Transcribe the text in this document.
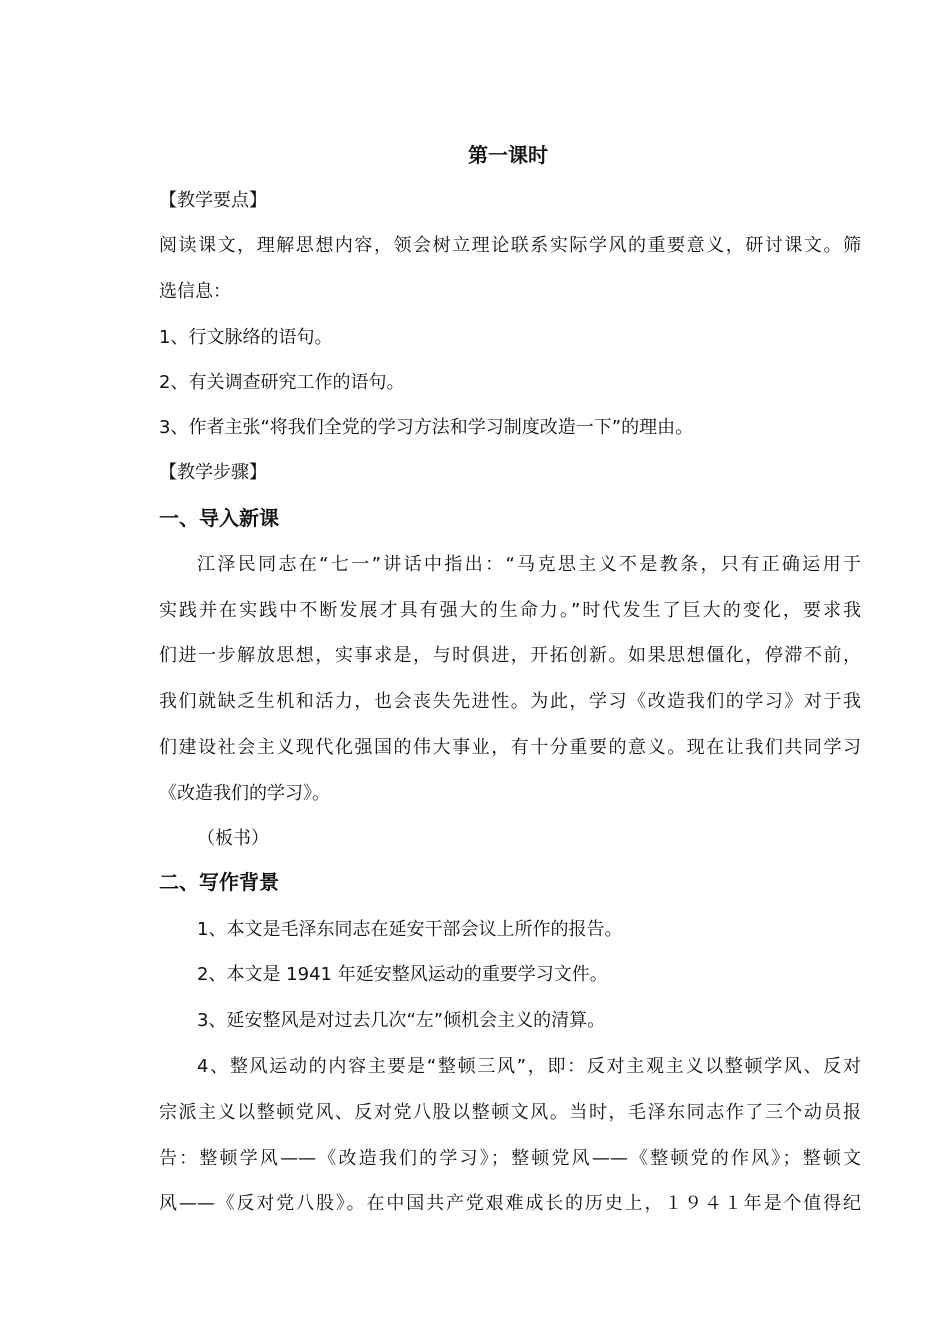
第一课时
【教学要点】
阅读课文，理解思想内容，领会树立理论联系实际学风的重要意义，研讨课文。筛
选信息：
1、行文脉络的语句。
2、有关调查研究工作的语句。
3、作者主张“将我们全党的学习方法和学习制度改造一下”的理由。
【教学步骤】
一、导入新课
江泽民同志在“七一”讲话中指出：“马克思主义不是教条，只有正确运用于
实践并在实践中不断发展才具有强大的生命力。”时代发生了巨大的变化，要求我
们进一步解放思想，实事求是，与时俱进，开拓创新。如果思想僵化，停滞不前，
我们就缺乏生机和活力，也会丧失先进性。为此，学习《改造我们的学习》对于我
们建设社会主义现代化强国的伟大事业，有十分重要的意义。现在让我们共同学习
《改造我们的学习》。
（板书）
二、写作背景
1、本文是毛泽东同志在延安干部会议上所作的报告。
2、本文是 1941 年延安整风运动的重要学习文件。
3、延安整风是对过去几次“左”倾机会主义的清算。
4、整风运动的内容主要是“整顿三风”，即：反对主观主义以整顿学风、反对
宗派主义以整顿党风、反对党八股以整顿文风。当时，毛泽东同志作了三个动员报
告：整顿学风——《改造我们的学习》；整顿党风——《整顿党的作风》；整顿文
风——《反对党八股》。在中国共产党艰难成长的历史上，１９４１年是个值得纪
